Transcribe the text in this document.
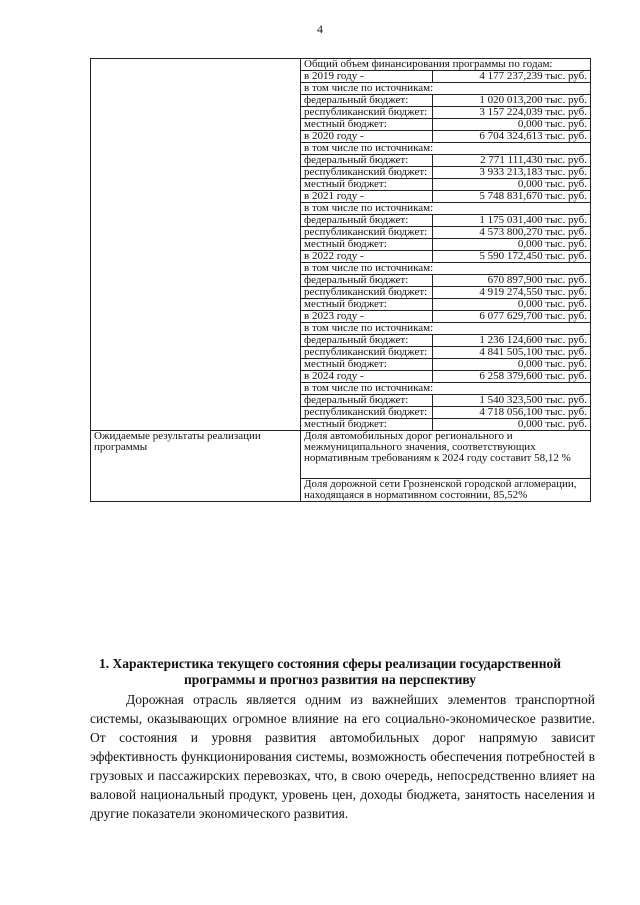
4
	Общий объем финансирования программы по годам:	
	в 2019 году -	4 177 237,239 тыс. руб.
	в том числе по источникам:	
	федеральный бюджет:	1 020 013,200 тыс. руб.
	республиканский бюджет:	3 157 224,039 тыс. руб.
	местный бюджет:	0,000 тыс. руб.
	в 2020 году -	6 704 324,613 тыс. руб.
	в том числе по источникам:	
	федеральный бюджет:	2 771 111,430 тыс. руб.
	республиканский бюджет:	3 933 213,183 тыс. руб.
	местный бюджет:	0,000 тыс. руб.
	в 2021 году -	5 748 831,670 тыс. руб.
	в том числе по источникам:	
	федеральный бюджет:	1 175 031,400 тыс. руб.
	республиканский бюджет:	4 573 800,270 тыс. руб.
	местный бюджет:	0,000 тыс. руб.
	в 2022 году -	5 590 172,450 тыс. руб.
	в том числе по источникам:	
	федеральный бюджет:	670 897,900 тыс. руб.
	республиканский бюджет:	4 919 274,550 тыс. руб.
	местный бюджет:	0,000 тыс. руб.
	в 2023 году -	6 077 629,700 тыс. руб.
	в том числе по источникам:	
	федеральный бюджет:	1 236 124,600 тыс. руб.
	республиканский бюджет:	4 841 505,100 тыс. руб.
	местный бюджет:	0,000 тыс. руб.
	в 2024 году -	6 258 379,600 тыс. руб.
	в том числе по источникам:	
	федеральный бюджет:	1 540 323,500 тыс. руб.
	республиканский бюджет:	4 718 056,100 тыс. руб.
	местный бюджет:	0,000 тыс. руб.
Ожидаемые результаты реализации программы	Доля автомобильных дорог регионального и межмуниципального значения, соответствующих нормативным требованиям к 2024 году составит 58,12 %	
	Доля дорожной сети Грозненской городской агломерации, находящаяся в нормативном состоянии, 85,52%	
1. Характеристика текущего состояния сферы реализации государственной программы и прогноз развития на перспективу

Дорожная отрасль является одним из важнейших элементов транспортной системы, оказывающих огромное влияние на его социально-экономическое развитие. От состояния и уровня развития автомобильных дорог напрямую зависит эффективность функционирования системы, возможность обеспечения потребностей в грузовых и пассажирских перевозках, что, в свою очередь, непосредственно влияет на валовой национальный продукт, уровень цен, доходы бюджета, занятость населения и другие показатели экономического развития.
